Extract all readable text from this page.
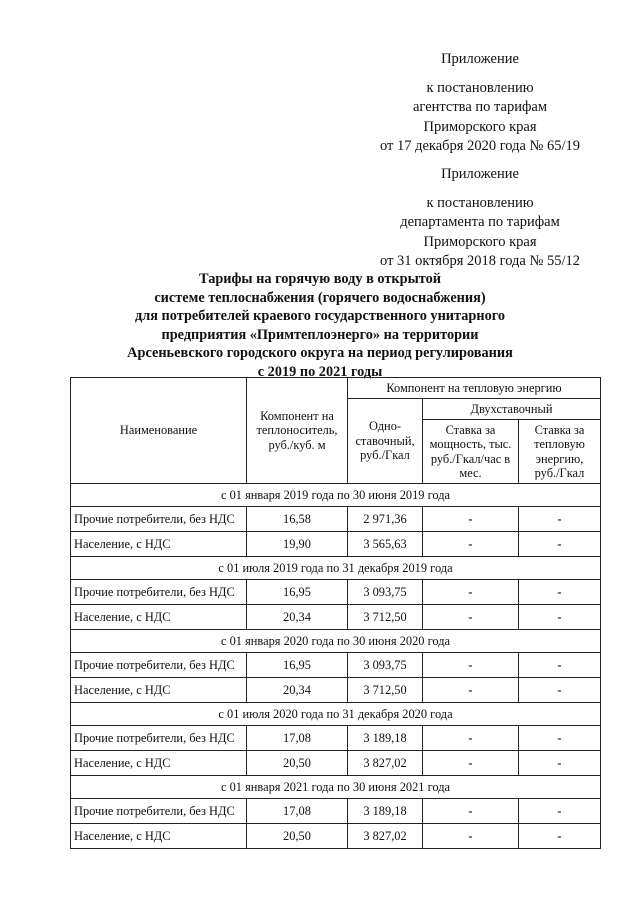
Приложение
к постановлению
агентства по тарифам
Приморского края
от 17 декабря 2020 года № 65/19
Приложение
к постановлению
департамента по тарифам
Приморского края
от 31 октября 2018 года № 55/12
Тарифы на горячую воду в открытой
системе теплоснабжения (горячего водоснабжения)
для потребителей краевого государственного унитарного
предприятия «Примтеплоэнерго» на территории
Арсеньевского городского округа на период регулирования
с 2019 по 2021 годы
Наименование	Компонент на теплоноситель, руб./куб. м	Компонент на тепловую энергию		
		Одно-ставочный, руб./Гкал	Двухставочный	
			Ставка за мощность, тыс. руб./Гкал/час в мес.	Ставка за тепловую энергию, руб./Гкал
с 01 января 2019 года по 30 июня 2019 года				
Прочие потребители, без НДС	16,58	2 971,36	-	-
Население, с НДС	19,90	3 565,63	-	-
с 01 июля 2019 года по 31 декабря 2019 года				
Прочие потребители, без НДС	16,95	3 093,75	-	-
Население, с НДС	20,34	3 712,50	-	-
с 01 января 2020 года по 30 июня 2020 года				
Прочие потребители, без НДС	16,95	3 093,75	-	-
Население, с НДС	20,34	3 712,50	-	-
с 01 июля 2020 года по 31 декабря 2020 года				
Прочие потребители, без НДС	17,08	3 189,18	-	-
Население, с НДС	20,50	3 827,02	-	-
с 01 января 2021 года по 30 июня 2021 года				
Прочие потребители, без НДС	17,08	3 189,18	-	-
Население, с НДС	20,50	3 827,02	-	-
